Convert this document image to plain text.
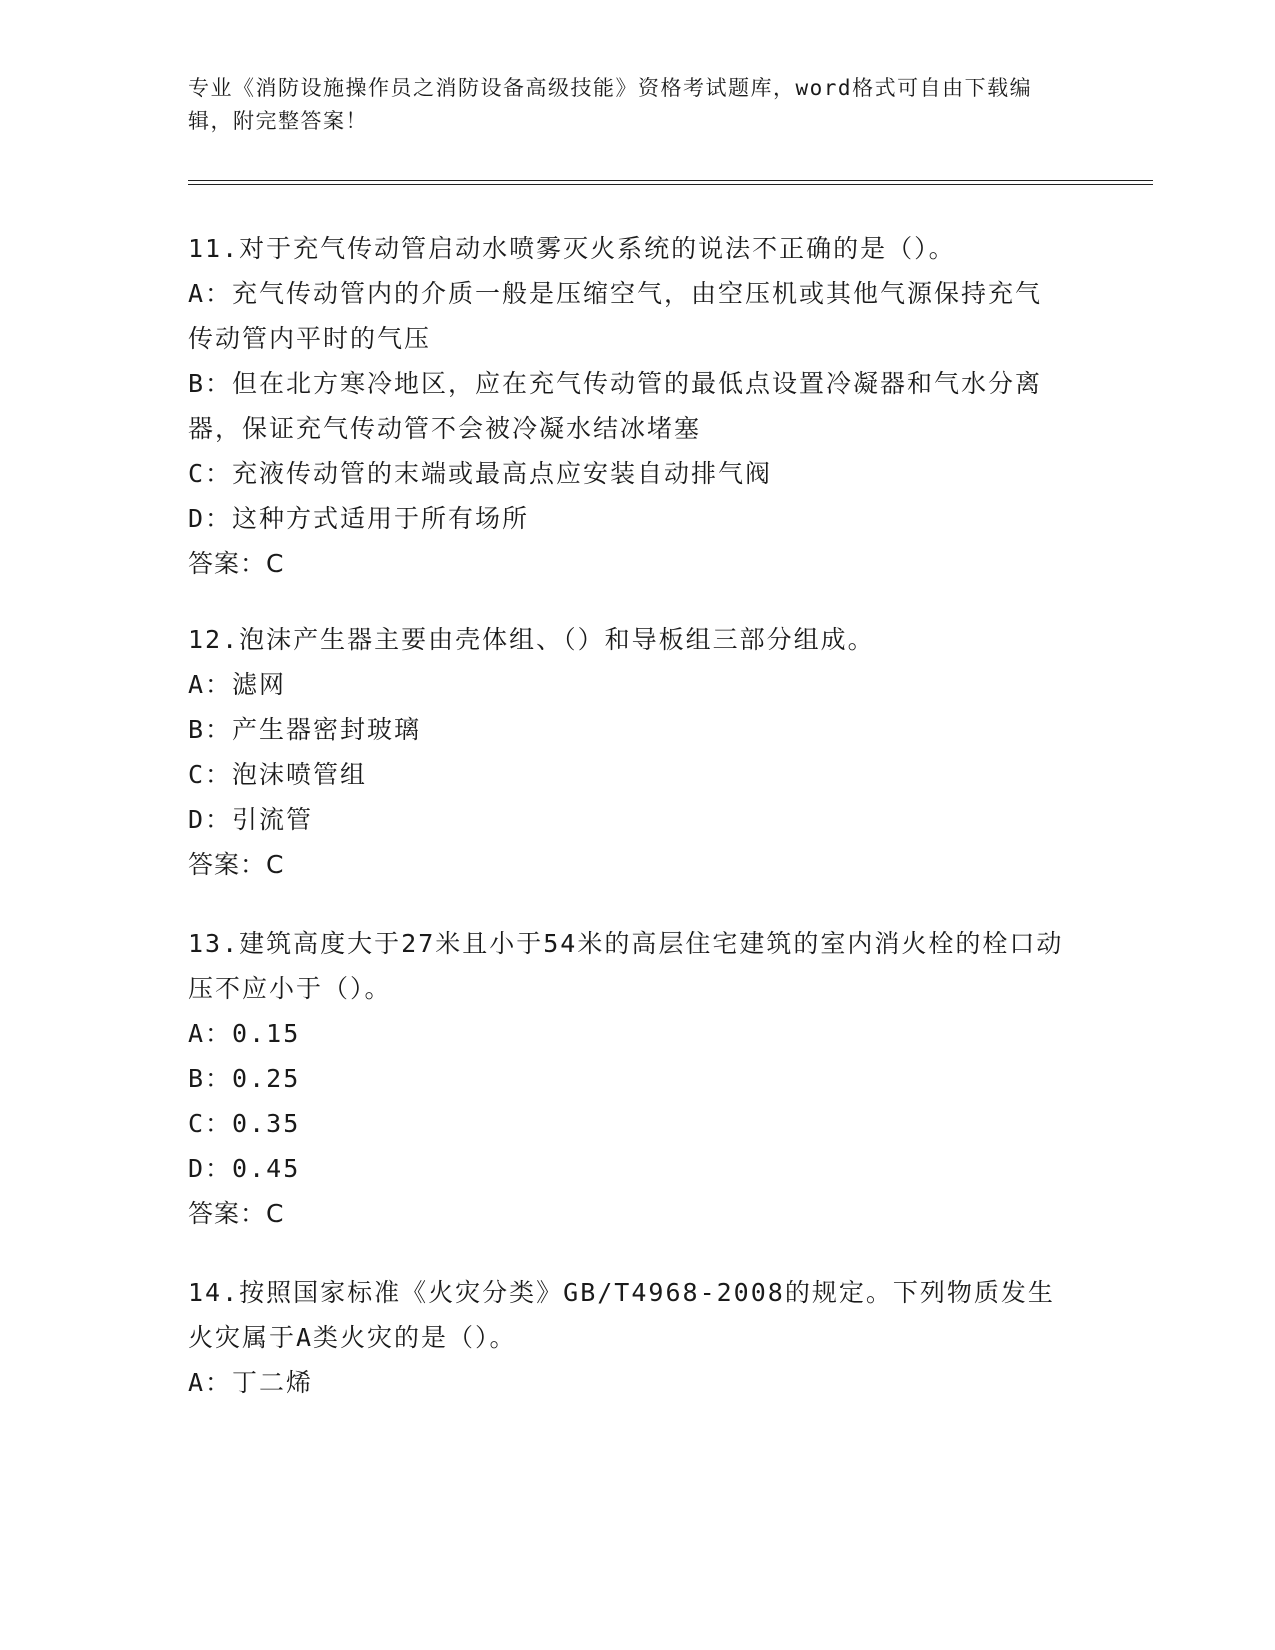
专业《消防设施操作员之消防设备高级技能》资格考试题库，word格式可自由下载编辑，附完整答案！
11.对于充气传动管启动水喷雾灭火系统的说法不正确的是（）。
A：充气传动管内的介质一般是压缩空气，由空压机或其他气源保持充气传动管内平时的气压
B：但在北方寒冷地区，应在充气传动管的最低点设置冷凝器和气水分离器，保证充气传动管不会被冷凝水结冰堵塞
C：充液传动管的末端或最高点应安装自动排气阀
D：这种方式适用于所有场所
答案：C
12.泡沫产生器主要由壳体组、（）和导板组三部分组成。
A：滤网
B：产生器密封玻璃
C：泡沫喷管组
D：引流管
答案：C
13.建筑高度大于27米且小于54米的高层住宅建筑的室内消火栓的栓口动压不应小于（）。
A：0.15
B：0.25
C：0.35
D：0.45
答案：C
14.按照国家标准《火灾分类》GB/T4968-2008的规定。下列物质发生火灾属于A类火灾的是（）。
A：丁二烯
